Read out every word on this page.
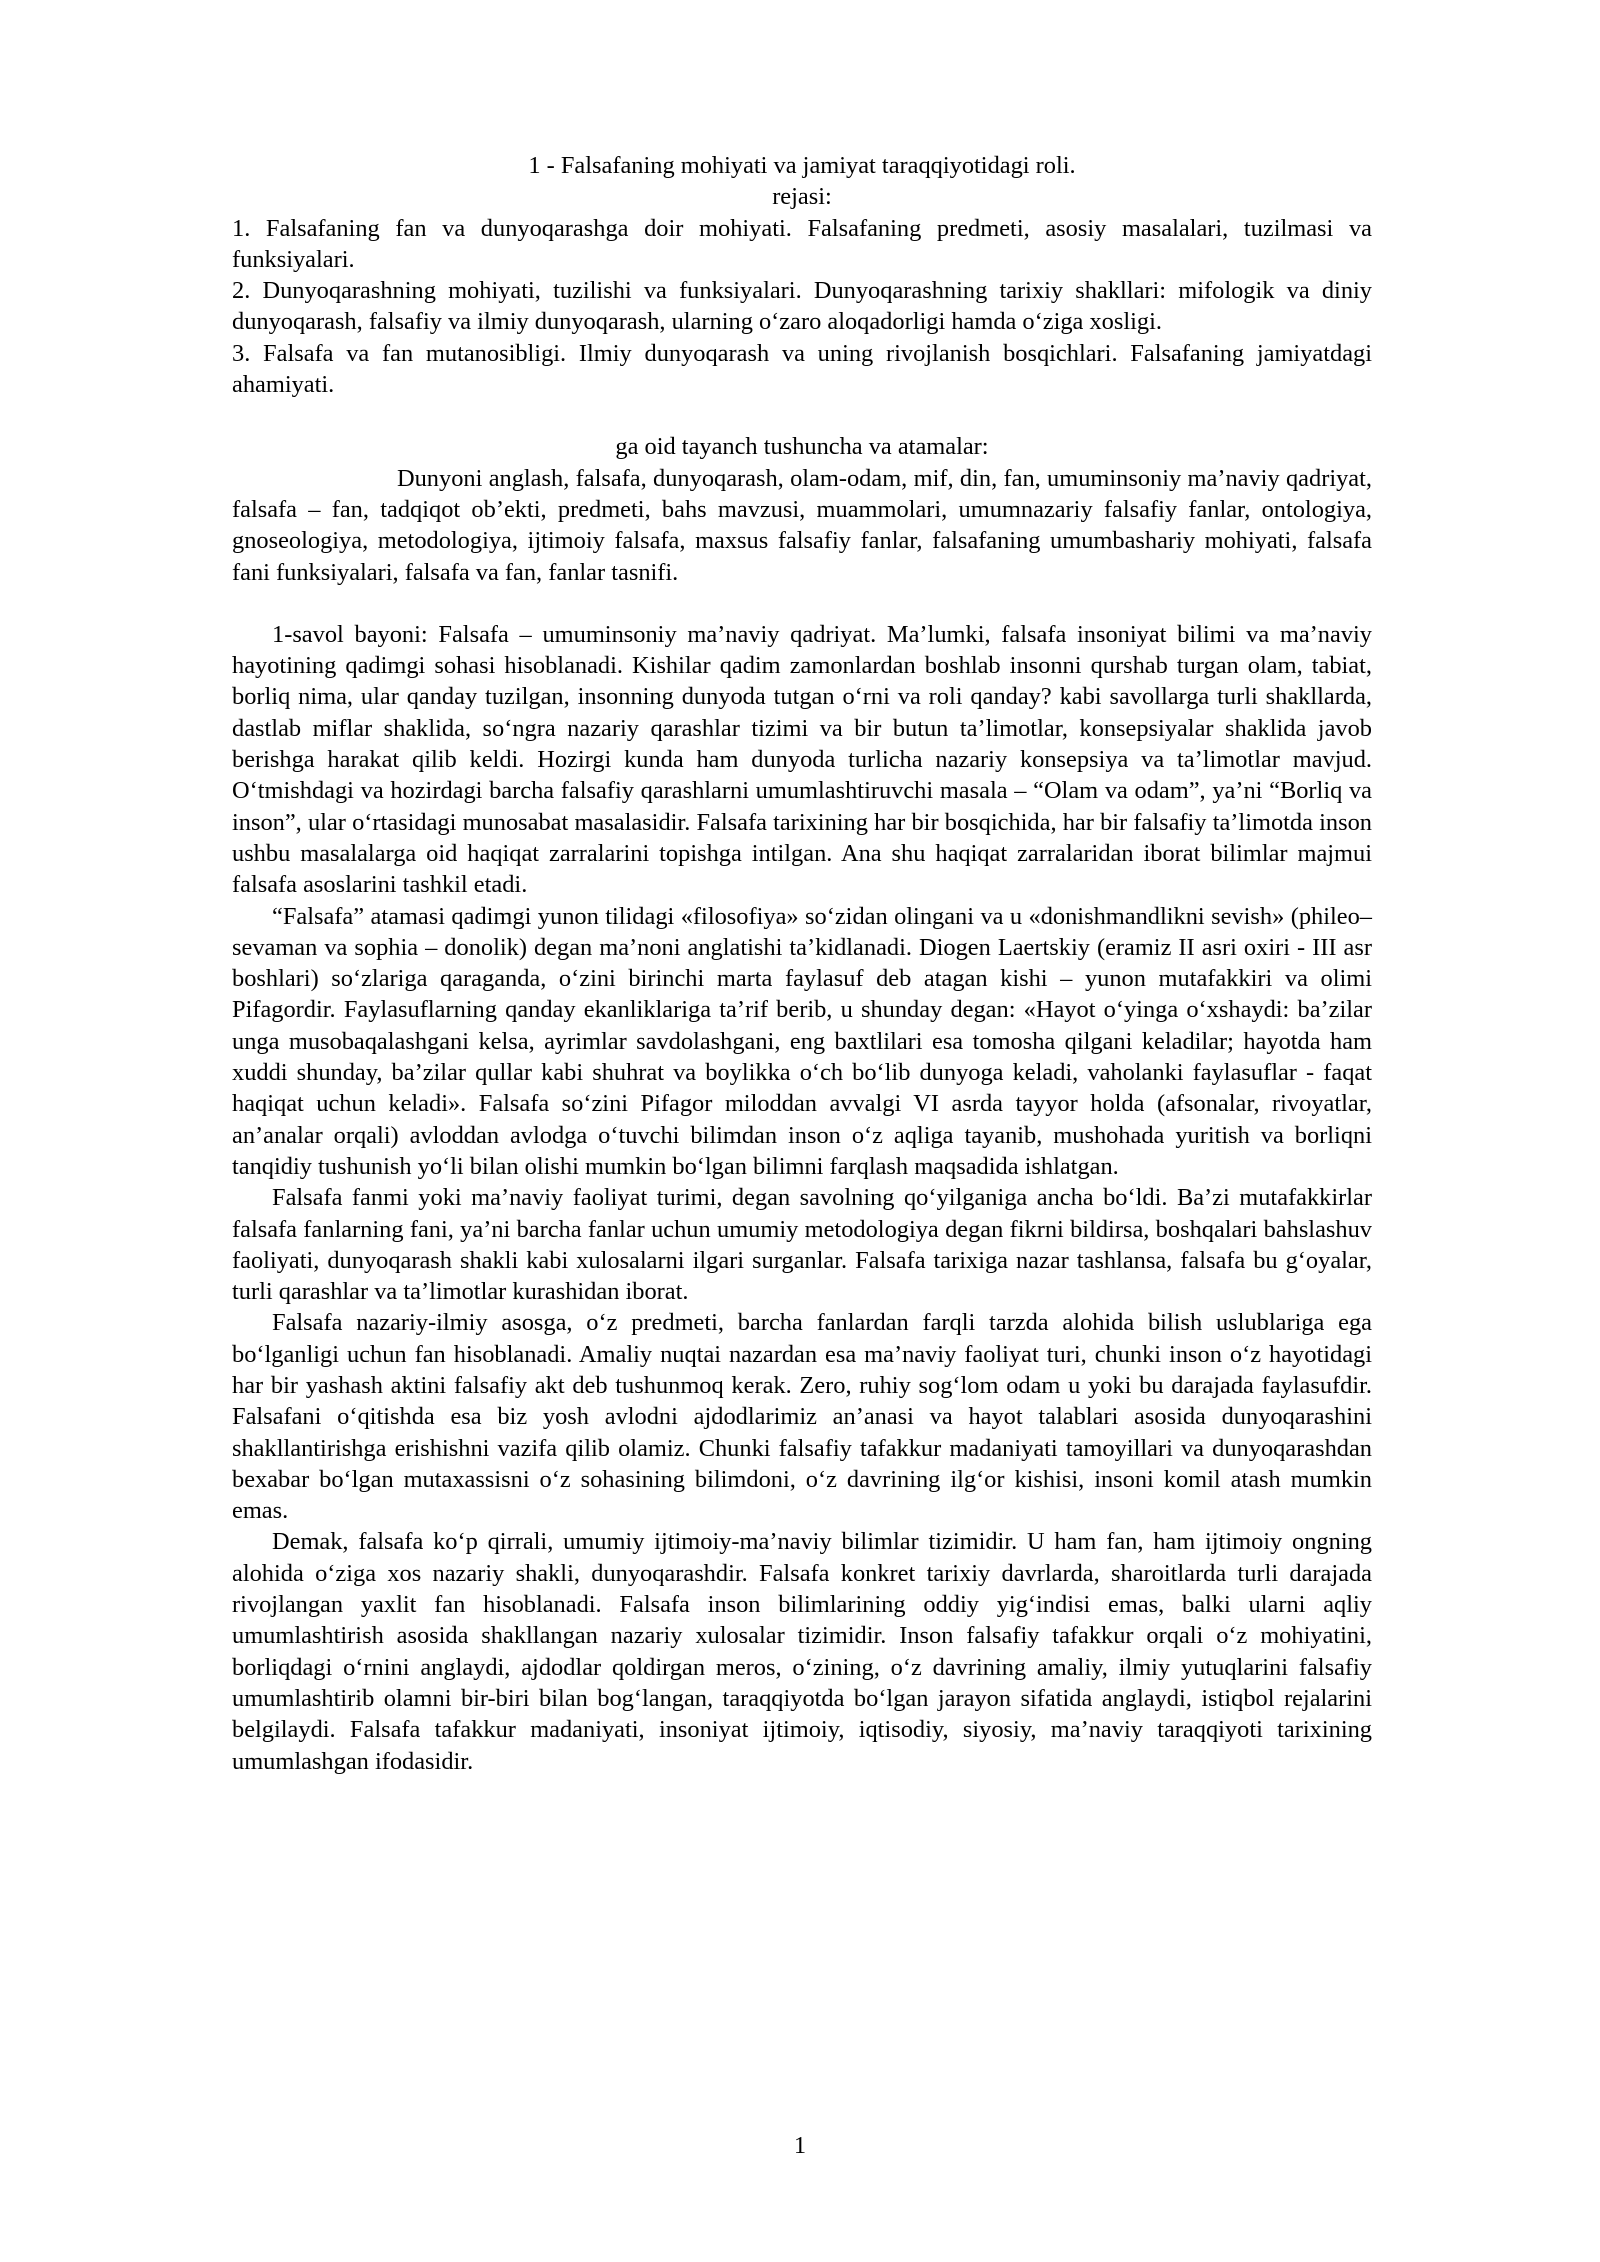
1 - Falsafaning mohiyati va jamiyat taraqqiyotidagi roli.

rejasi:

1. Falsafaning fan va dunyoqarashga doir mohiyati. Falsafaning predmeti, asosiy masalalari, tuzilmasi va funksiyalari.

2. Dunyoqarashning mohiyati, tuzilishi va funksiyalari. Dunyoqarashning tarixiy shakllari: mifologik va diniy dunyoqarash, falsafiy va ilmiy dunyoqarash, ularning o‘zaro aloqadorligi hamda o‘ziga xosligi.

3. Falsafa va fan mutanosibligi. Ilmiy dunyoqarash va uning rivojlanish bosqichlari. Falsafaning jamiyatdagi ahamiyati.

ga oid tayanch tushuncha va atamalar:

Dunyoni anglash, falsafa, dunyoqarash, olam-odam, mif, din, fan, umuminsoniy ma’naviy qadriyat, falsafa – fan, tadqiqot ob’ekti, predmeti, bahs mavzusi, muammolari, umumnazariy falsafiy fanlar, ontologiya, gnoseologiya, metodologiya, ijtimoiy falsafa, maxsus falsafiy fanlar, falsafaning umumbashariy mohiyati, falsafa fani funksiyalari, falsafa va fan, fanlar tasnifi.

1-savol bayoni: Falsafa – umuminsoniy ma’naviy qadriyat. Ma’lumki, falsafa insoniyat bilimi va ma’naviy hayotining qadimgi sohasi hisoblanadi. Kishilar qadim zamonlardan boshlab insonni qurshab turgan olam, tabiat, borliq nima, ular qanday tuzilgan, insonning dunyoda tutgan o‘rni va roli qanday? kabi savollarga turli shakllarda, dastlab miflar shaklida, so‘ngra nazariy qarashlar tizimi va bir butun ta’limotlar, konsepsiyalar shaklida javob berishga harakat qilib keldi. Hozirgi kunda ham dunyoda turlicha nazariy konsepsiya va ta’limotlar mavjud. O‘tmishdagi va hozirdagi barcha falsafiy qarashlarni umumlashtiruvchi masala – “Olam va odam”, ya’ni “Borliq va inson”, ular o‘rtasidagi munosabat masalasidir. Falsafa tarixining har bir bosqichida, har bir falsafiy ta’limotda inson ushbu masalalarga oid haqiqat zarralarini topishga intilgan. Ana shu haqiqat zarralaridan iborat bilimlar majmui falsafa asoslarini tashkil etadi.

“Falsafa” atamasi qadimgi yunon tilidagi «filosofiya» so‘zidan olingani va u «donishmandlikni sevish» (phileo– sevaman va sophia – donolik) degan ma’noni anglatishi ta’kidlanadi. Diogen Laertskiy (eramiz II asri oxiri - III asr boshlari) so‘zlariga qaraganda, o‘zini birinchi marta faylasuf deb atagan kishi – yunon mutafakkiri va olimi Pifagordir. Faylasuflarning qanday ekanliklariga ta’rif berib, u shunday degan: «Hayot o‘yinga o‘xshaydi: ba’zilar unga musobaqalashgani kelsa, ayrimlar savdolashgani, eng baxtlilari esa tomosha qilgani keladilar; hayotda ham xuddi shunday, ba’zilar qullar kabi shuhrat va boylikka o‘ch bo‘lib dunyoga keladi, vaholanki faylasuflar - faqat haqiqat uchun keladi». Falsafa so‘zini Pifagor miloddan avvalgi VI asrda tayyor holda (afsonalar, rivoyatlar, an’analar orqali) avloddan avlodga o‘tuvchi bilimdan inson o‘z aqliga tayanib, mushohada yuritish va borliqni tanqidiy tushunish yo‘li bilan olishi mumkin bo‘lgan bilimni farqlash maqsadida ishlatgan.

Falsafa fanmi yoki ma’naviy faoliyat turimi, degan savolning qo‘yilganiga ancha bo‘ldi. Ba’zi mutafakkirlar falsafa fanlarning fani, ya’ni barcha fanlar uchun umumiy metodologiya degan fikrni bildirsa, boshqalari bahslashuv faoliyati, dunyoqarash shakli kabi xulosalarni ilgari surganlar. Falsafa tarixiga nazar tashlansa, falsafa bu g‘oyalar, turli qarashlar va ta’limotlar kurashidan iborat.

Falsafa nazariy-ilmiy asosga, o‘z predmeti, barcha fanlardan farqli tarzda alohida bilish uslublariga ega bo‘lganligi uchun fan hisoblanadi. Amaliy nuqtai nazardan esa ma’naviy faoliyat turi, chunki inson o‘z hayotidagi har bir yashash aktini falsafiy akt deb tushunmoq kerak. Zero, ruhiy sog‘lom odam u yoki bu darajada faylasufdir. Falsafani o‘qitishda esa biz yosh avlodni ajdodlarimiz an’anasi va hayot talablari asosida dunyoqarashini shakllantirishga erishishni vazifa qilib olamiz. Chunki falsafiy tafakkur madaniyati tamoyillari va dunyoqarashdan bexabar bo‘lgan mutaxassisni o‘z sohasining bilimdoni, o‘z davrining ilg‘or kishisi, insoni komil atash mumkin emas.

Demak, falsafa ko‘p qirrali, umumiy ijtimoiy-ma’naviy bilimlar tizimidir. U ham fan, ham ijtimoiy ongning alohida o‘ziga xos nazariy shakli, dunyoqarashdir. Falsafa konkret tarixiy davrlarda, sharoitlarda turli darajada rivojlangan yaxlit fan hisoblanadi. Falsafa inson bilimlarining oddiy yig‘indisi emas, balki ularni aqliy umumlashtirish asosida shakllangan nazariy xulosalar tizimidir. Inson falsafiy tafakkur orqali o‘z mohiyatini, borliqdagi o‘rnini anglaydi, ajdodlar qoldirgan meros, o‘zining, o‘z davrining amaliy, ilmiy yutuqlarini falsafiy umumlashtirib olamni bir-biri bilan bog‘langan, taraqqiyotda bo‘lgan jarayon sifatida anglaydi, istiqbol rejalarini belgilaydi. Falsafa tafakkur madaniyati, insoniyat ijtimoiy, iqtisodiy, siyosiy, ma’naviy taraqqiyoti tarixining umumlashgan ifodasidir.

1
